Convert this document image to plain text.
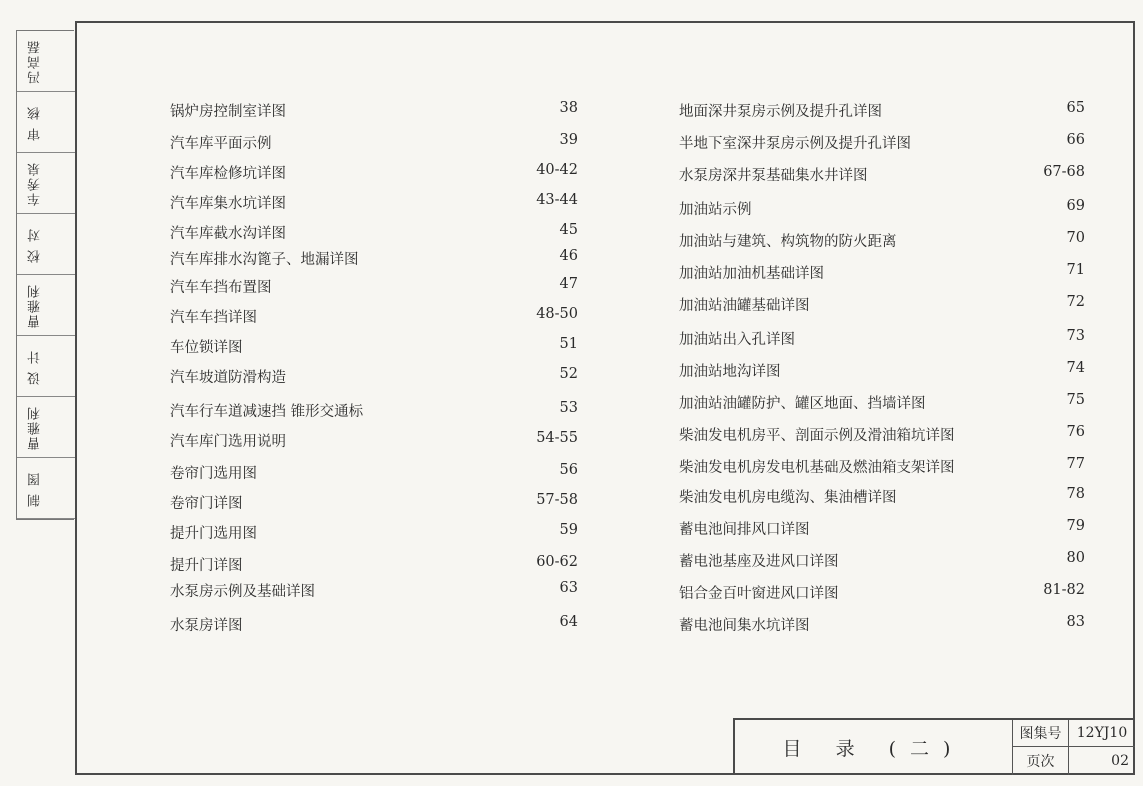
冯高磊
审 核
车秀泉
校 对
曹雅利
设 计
曹雅利
制 图
锅炉房控制室详图	38
汽车库平面示例	39
汽车库检修坑详图	40-42
汽车库集水坑详图	43-44
汽车库截水沟详图	45
汽车库排水沟篦子、地漏详图	46
汽车车挡布置图	47
汽车车挡详图	48-50
车位锁详图	51
汽车坡道防滑构造	52
汽车行车道减速挡 锥形交通标	53
汽车库门选用说明	54-55
卷帘门选用图	56
卷帘门详图	57-58
提升门选用图	59
提升门详图	60-62
水泵房示例及基础详图	63
水泵房详图	64
地面深井泵房示例及提升孔详图	65
半地下室深井泵房示例及提升孔详图	66
水泵房深井泵基础集水井详图	67-68
加油站示例	69
加油站与建筑、构筑物的防火距离	70
加油站加油机基础详图	71
加油站油罐基础详图	72
加油站出入孔详图	73
加油站地沟详图	74
加油站油罐防护、罐区地面、挡墙详图	75
柴油发电机房平、剖面示例及滑油箱坑详图	76
柴油发电机房发电机基础及燃油箱支架详图	77
柴油发电机房电缆沟、集油槽详图	78
蓄电池间排风口详图	79
蓄电池基座及进风口详图	80
铝合金百叶窗进风口详图	81-82
蓄电池间集水坑详图	83
目 录 (二)
图集号	12YJ10
页次	02
